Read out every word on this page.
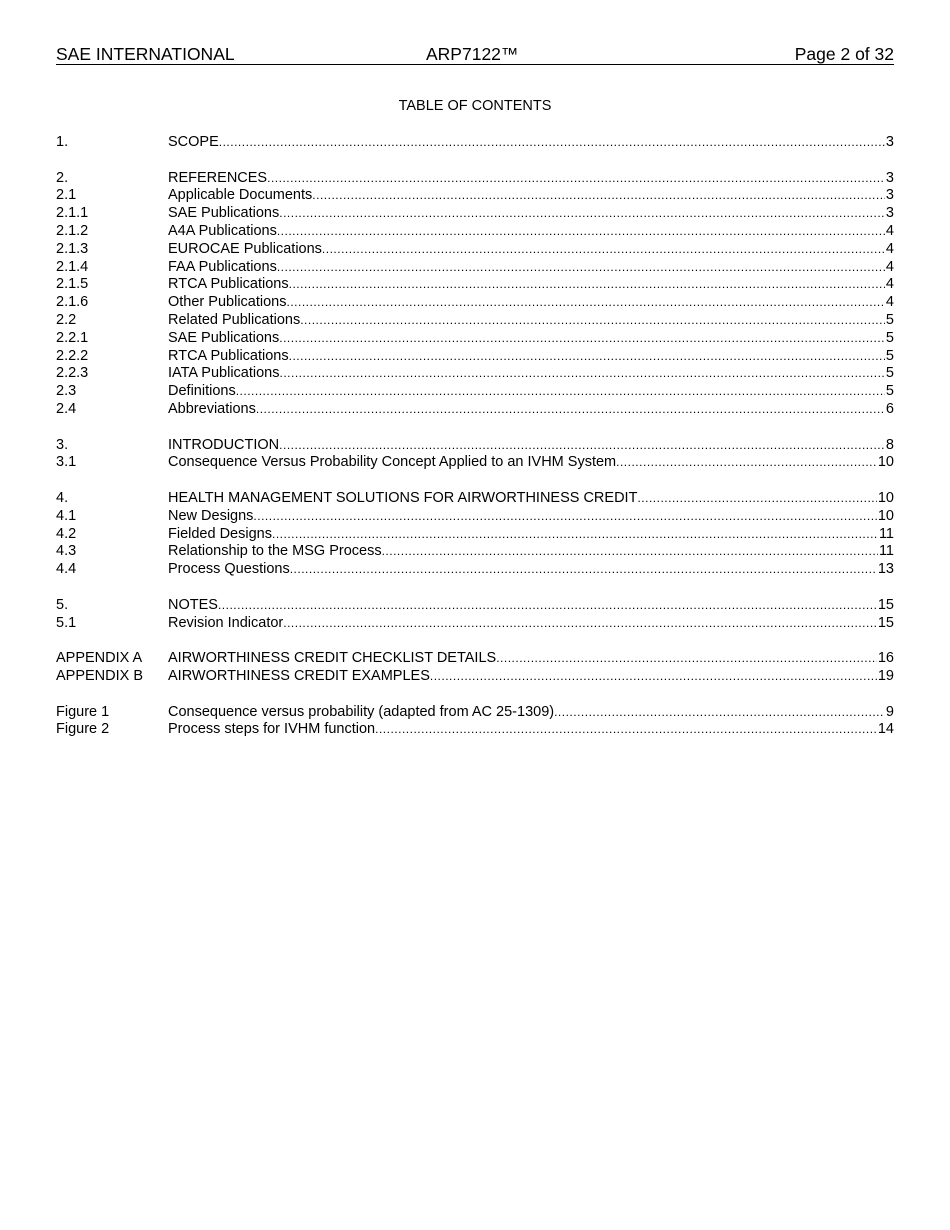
SAE INTERNATIONAL	ARP7122™	Page 2 of 32
TABLE OF CONTENTS
1.	SCOPE .....	3
2.	REFERENCES .....	3
2.1	Applicable Documents .....	3
2.1.1	SAE Publications .....	3
2.1.2	A4A Publications .....	4
2.1.3	EUROCAE Publications .....	4
2.1.4	FAA Publications .....	4
2.1.5	RTCA Publications .....	4
2.1.6	Other Publications .....	4
2.2	Related Publications .....	5
2.2.1	SAE Publications .....	5
2.2.2	RTCA Publications .....	5
2.2.3	IATA Publications .....	5
2.3	Definitions .....	5
2.4	Abbreviations .....	6
3.	INTRODUCTION .....	8
3.1	Consequence Versus Probability Concept Applied to an IVHM System .....	10
4.	HEALTH MANAGEMENT SOLUTIONS FOR AIRWORTHINESS CREDIT .....	10
4.1	New Designs .....	10
4.2	Fielded Designs .....	11
4.3	Relationship to the MSG Process .....	11
4.4	Process Questions .....	13
5.	NOTES .....	15
5.1	Revision Indicator .....	15
APPENDIX A AIRWORTHINESS CREDIT CHECKLIST DETAILS .....	16
APPENDIX B AIRWORTHINESS CREDIT EXAMPLES .....	19
Figure 1	Consequence versus probability (adapted from AC 25-1309) .....	9
Figure 2	Process steps for IVHM function .....	14
